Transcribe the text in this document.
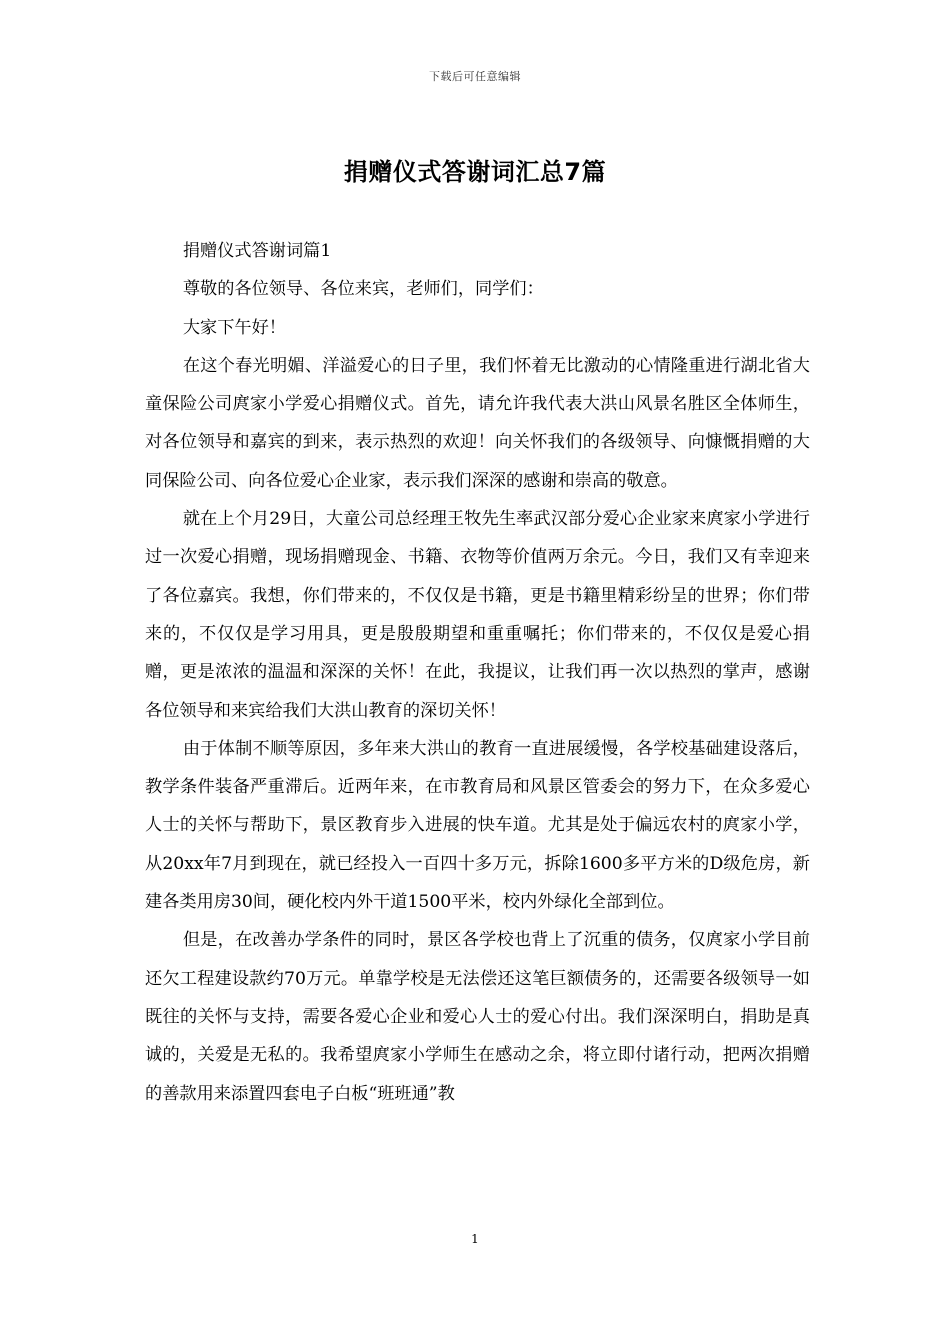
下载后可任意编辑
捐赠仪式答谢词汇总7篇

捐赠仪式答谢词篇1

尊敬的各位领导、各位来宾，老师们，同学们：

大家下午好！

在这个春光明媚、洋溢爱心的日子里，我们怀着无比激动的心情隆重进行湖北省大童保险公司庹家小学爱心捐赠仪式。首先，请允许我代表大洪山风景名胜区全体师生，对各位领导和嘉宾的到来，表示热烈的欢迎！向关怀我们的各级领导、向慷慨捐赠的大同保险公司、向各位爱心企业家，表示我们深深的感谢和崇高的敬意。

就在上个月29日，大童公司总经理王牧先生率武汉部分爱心企业家来庹家小学进行过一次爱心捐赠，现场捐赠现金、书籍、衣物等价值两万余元。今日，我们又有幸迎来了各位嘉宾。我想，你们带来的，不仅仅是书籍，更是书籍里精彩纷呈的世界；你们带来的，不仅仅是学习用具，更是殷殷期望和重重嘱托；你们带来的，不仅仅是爱心捐赠，更是浓浓的温温和深深的关怀！在此，我提议，让我们再一次以热烈的掌声，感谢各位领导和来宾给我们大洪山教育的深切关怀！

由于体制不顺等原因，多年来大洪山的教育一直进展缓慢，各学校基础建设落后，教学条件装备严重滞后。近两年来，在市教育局和风景区管委会的努力下，在众多爱心人士的关怀与帮助下，景区教育步入进展的快车道。尤其是处于偏远农村的庹家小学，从20xx年7月到现在，就已经投入一百四十多万元，拆除1600多平方米的D级危房，新建各类用房30间，硬化校内外干道1500平米，校内外绿化全部到位。

但是，在改善办学条件的同时，景区各学校也背上了沉重的债务，仅庹家小学目前还欠工程建设款约70万元。单靠学校是无法偿还这笔巨额债务的，还需要各级领导一如既往的关怀与支持，需要各爱心企业和爱心人士的爱心付出。我们深深明白，捐助是真诚的，关爱是无私的。我希望庹家小学师生在感动之余，将立即付诸行动，把两次捐赠的善款用来添置四套电子白板“班班通”教

1
